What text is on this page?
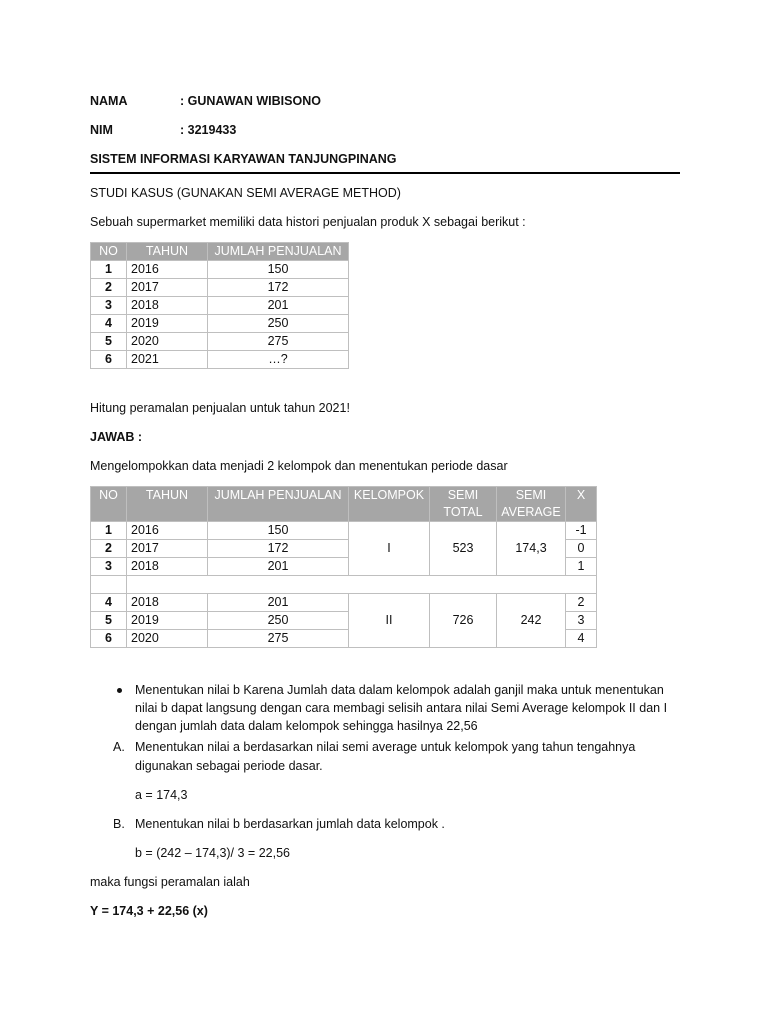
NAMA	: GUNAWAN WIBISONO
NIM	: 3219433
SISTEM INFORMASI KARYAWAN TANJUNGPINANG
STUDI KASUS (GUNAKAN SEMI AVERAGE METHOD)
Sebuah supermarket memiliki data histori penjualan produk X sebagai berikut :
NO	TAHUN	JUMLAH PENJUALAN
1	2016	150
2	2017	172
3	2018	201
4	2019	250
5	2020	275
6	2021	…?
Hitung peramalan penjualan untuk tahun 2021!
JAWAB :
Mengelompokkan data menjadi 2 kelompok dan menentukan periode dasar
NO	TAHUN	JUMLAH PENJUALAN	KELOMPOK	SEMI TOTAL	SEMI AVERAGE	X
1	2016	150	I	523	174,3	-1
2	2017	172				0
3	2018	201				1

4	2018	201	II	726	242	2
5	2019	250				3
6	2020	275				4
Menentukan nilai b Karena Jumlah data dalam kelompok adalah ganjil maka untuk menentukan
nilai b dapat langsung dengan cara membagi selisih antara nilai Semi Average kelompok II dan I
dengan jumlah data dalam kelompok sehingga hasilnya 22,56
A. Menentukan nilai a berdasarkan nilai semi average untuk kelompok yang tahun tengahnya
digunakan sebagai periode dasar.
a = 174,3
B. Menentukan nilai b berdasarkan jumlah data kelompok .
b = (242 – 174,3)/ 3 = 22,56
maka fungsi peramalan ialah
Y = 174,3 + 22,56 (x)
